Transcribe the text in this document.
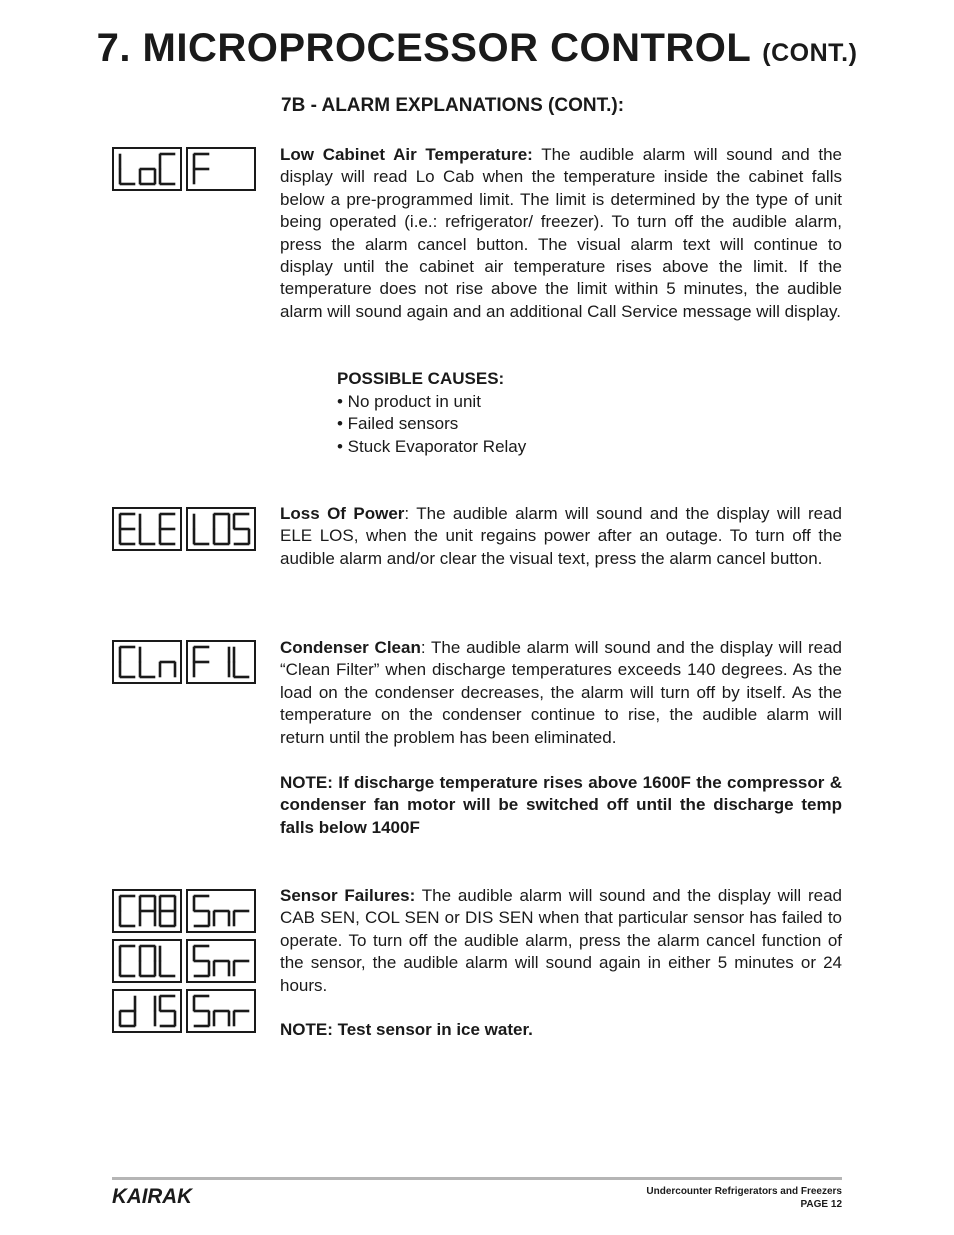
7. MICROPROCESSOR CONTROL (CONT.)
7B - ALARM EXPLANATIONS (CONT.):
Low Cabinet Air Temperature: The audible alarm will sound and the display will read Lo Cab when the temperature inside the cabinet falls below a pre-programmed limit. The limit is determined by the type of unit being operated (i.e.: refrigerator/ freezer). To turn off the audible alarm, press the alarm cancel button. The visual alarm text will continue to display until the cabinet air temperature rises above the limit. If the temperature does not rise above the limit within 5 minutes, the audible alarm will sound again and an additional Call Service message will display.
POSSIBLE CAUSES:
• No product in unit
• Failed sensors
• Stuck Evaporator Relay
Loss Of Power: The audible alarm will sound and the display will read ELE LOS, when the unit regains power after an outage. To turn off the audible alarm and/or clear the visual text, press the alarm cancel button.
Condenser Clean: The audible alarm will sound and the display will read “Clean Filter” when discharge temperatures exceeds 140 degrees. As the load on the condenser decreases, the alarm will turn off by itself. As the temperature on the condenser continue to rise, the audible alarm will return until the problem has been eliminated.
NOTE: If discharge temperature rises above 1600F the compressor & condenser fan motor will be switched off until the discharge temp falls below 1400F
Sensor Failures: The audible alarm will sound and the display will read CAB SEN, COL SEN or DIS SEN when that particular sensor has failed to operate. To turn off the audible alarm, press the alarm cancel function of the sensor, the audible alarm will sound again in either 5 minutes or 24 hours.
NOTE: Test sensor in ice water.
KAIRAK	Undercounter Refrigerators and Freezers
PAGE 12
